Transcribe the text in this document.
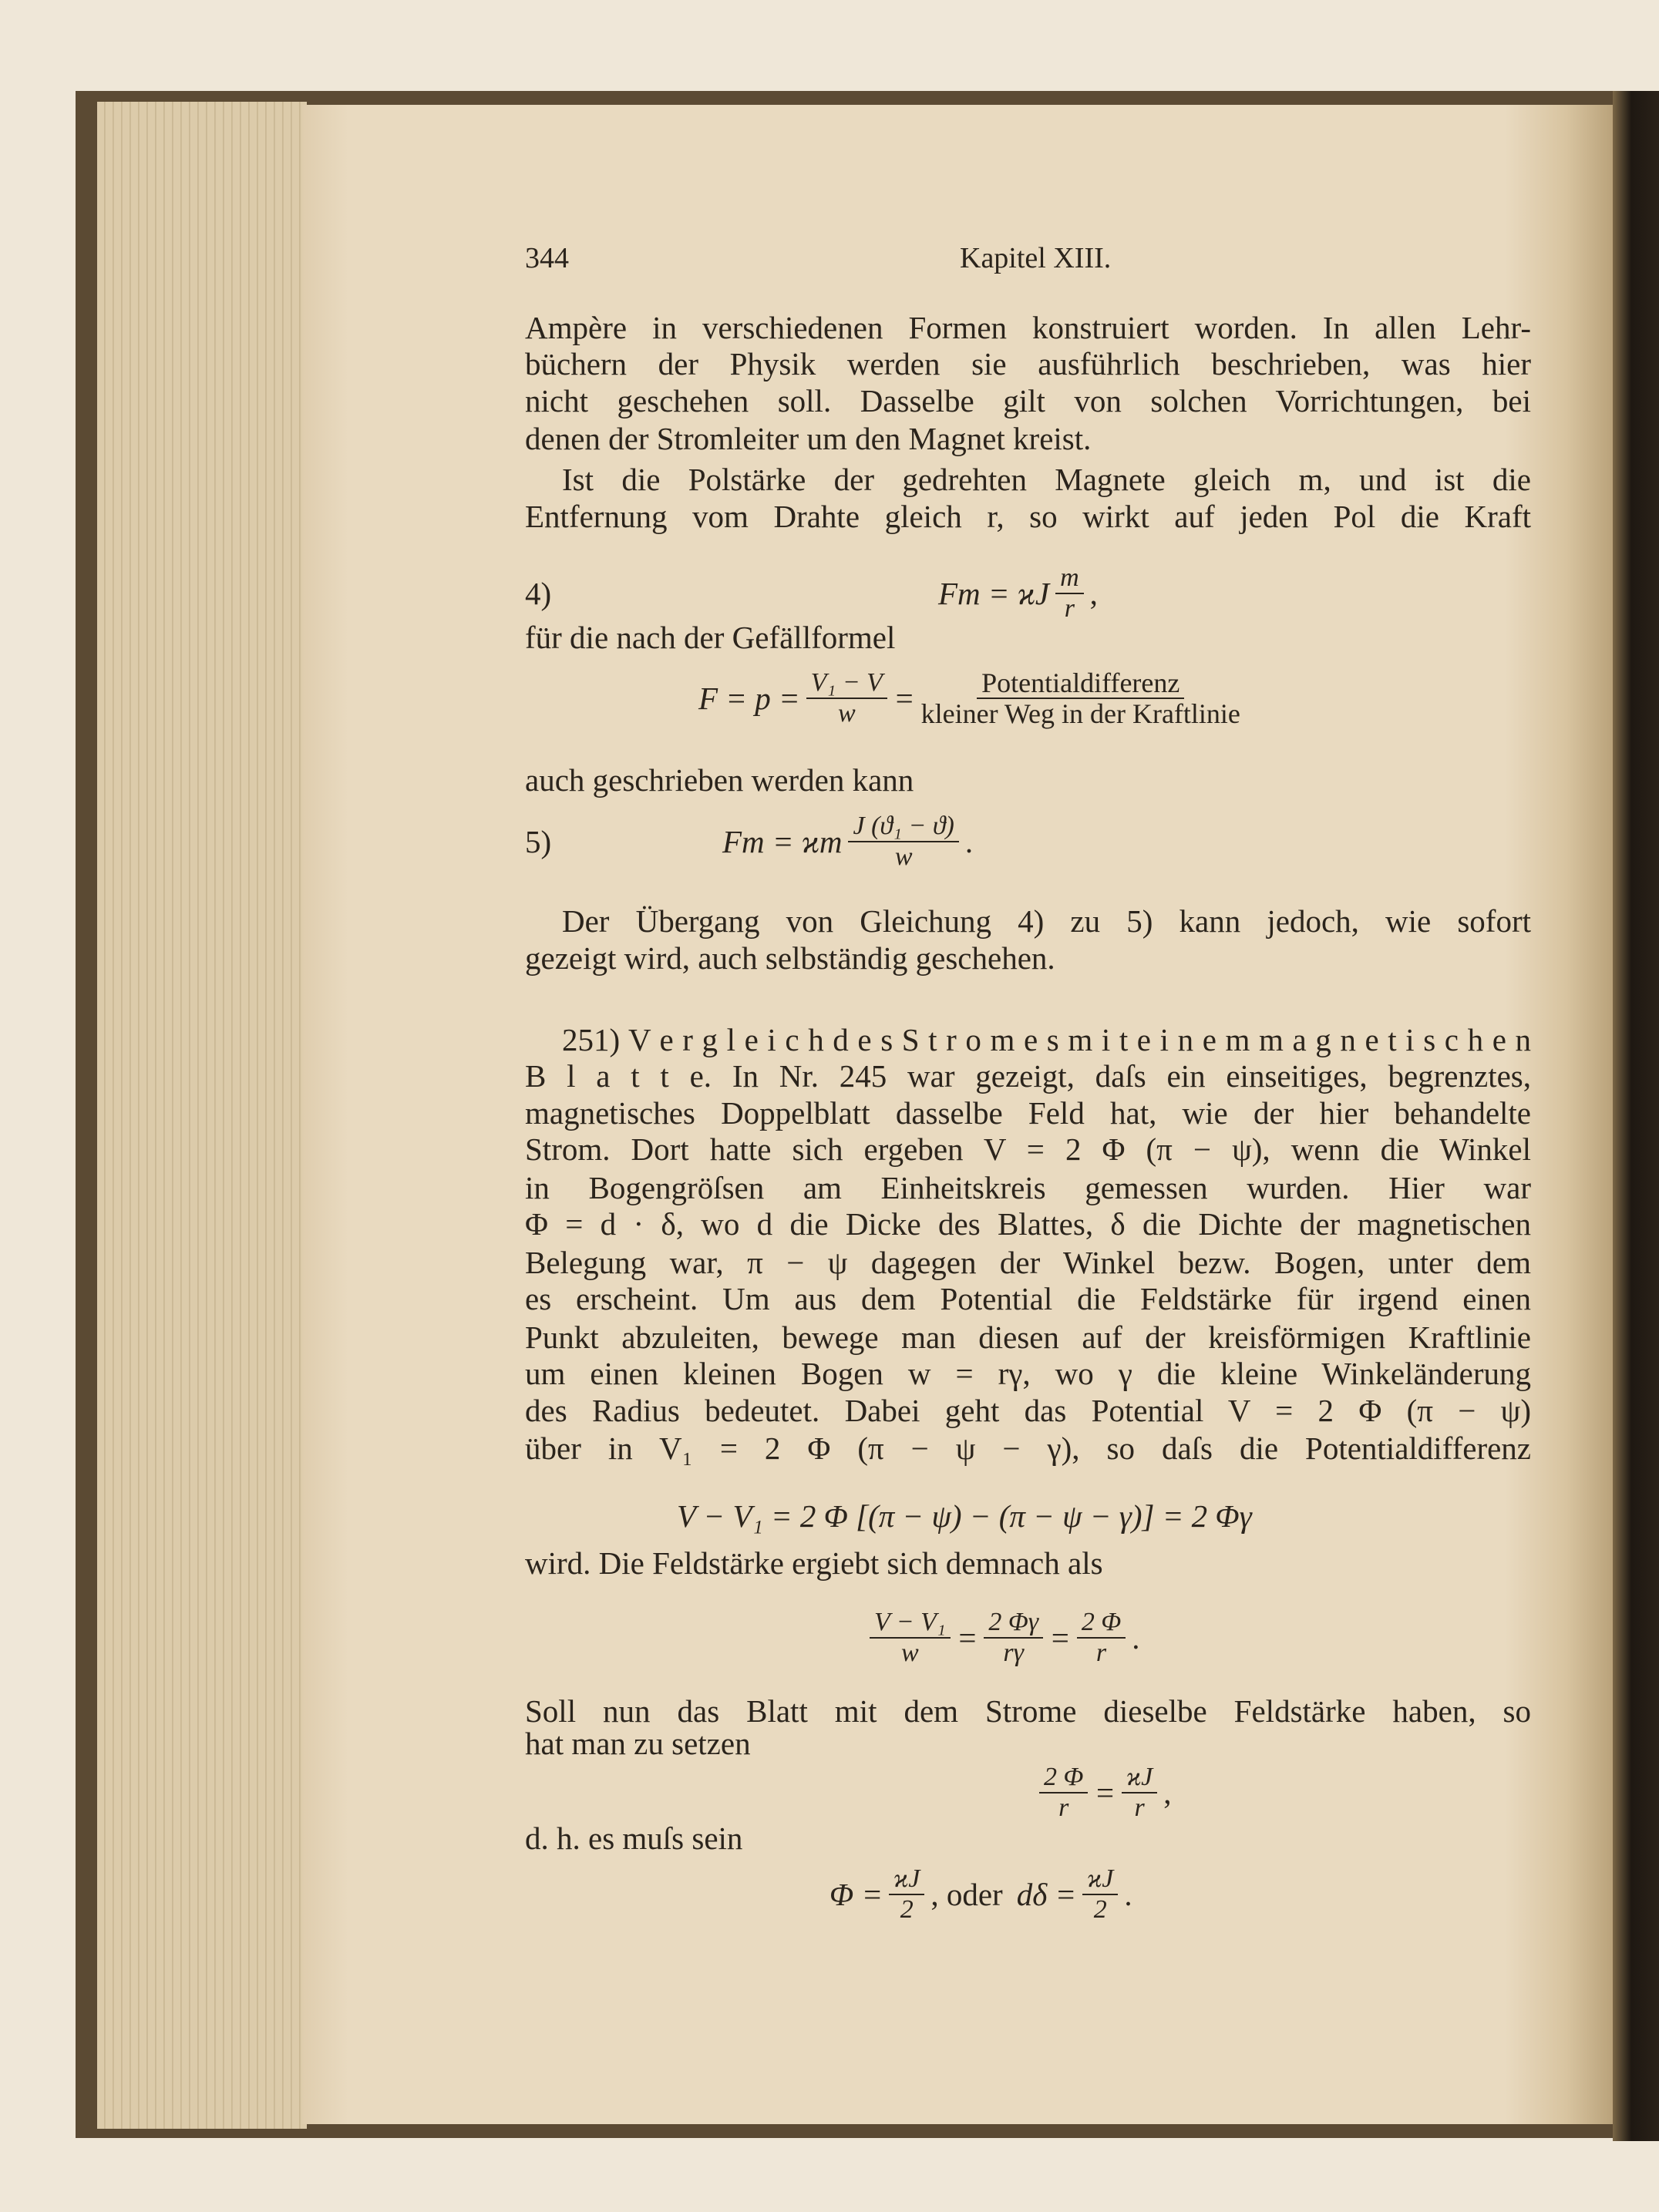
344	Kapitel XIII.
Ampère in verschiedenen Formen konstruiert worden. In allen Lehr-
büchern der Physik werden sie ausführlich beschrieben, was hier
nicht geschehen soll. Dasselbe gilt von solchen Vorrichtungen, bei
denen der Stromleiter um den Magnet kreist.
Ist die Polstärke der gedrehten Magnete gleich m, und ist die
Entfernung vom Drahte gleich r, so wirkt auf jeden Pol die Kraft
4)	Fm = ϰJ $\frac{m}{r}$ ,
für die nach der Gefällformel
$F = p = \frac{\text{V₁ − V}}{w} = \frac{\text{Potentialdifferenz}}{\text{kleiner Weg in der Kraftlinie}}$
auch geschrieben werden kann
5)	Fm = ϰm $\frac{\text{J (ϑ₁ − ϑ)}}{w}$ .
Der Übergang von Gleichung 4) zu 5) kann jedoch, wie sofort
gezeigt wird, auch selbständig geschehen.
251) V e r g l e i c h d e s S t r o m e s m i t e i n e m m a g n e t i s c h e n
B l a t t e. In Nr. 245 war gezeigt, daſs ein einseitiges, begrenztes,
magnetisches Doppelblatt dasselbe Feld hat, wie der hier behandelte
Strom. Dort hatte sich ergeben V = 2 Φ (π − ψ), wenn die Winkel
in Bogengröſsen am Einheitskreis gemessen wurden. Hier war
Φ = d · δ, wo d die Dicke des Blattes, δ die Dichte der magnetischen
Belegung war, π − ψ dagegen der Winkel bezw. Bogen, unter dem
es erscheint. Um aus dem Potential die Feldstärke für irgend einen
Punkt abzuleiten, bewege man diesen auf der kreisförmigen Kraftlinie
um einen kleinen Bogen w = rγ, wo γ die kleine Winkeländerung
des Radius bedeutet. Dabei geht das Potential V = 2 Φ (π − ψ)
über in V₁ = 2 Φ (π − ψ − γ), so daſs die Potentialdifferenz
V − V₁ = 2 Φ [(π − ψ) − (π − ψ − γ)] = 2 Φγ
wird. Die Feldstärke ergiebt sich demnach als
$\frac{\text{V − V₁}}{w} = \frac{2 \Phi\gamma}{r\gamma} = \frac{2 \Phi}{r}$ .
Soll nun das Blatt mit dem Strome dieselbe Feldstärke haben, so
hat man zu setzen
$\frac{2 \Phi}{r} = \frac{ϰJ}{r}$ ,
d. h. es muſs sein
$\Phi = \frac{ϰJ}{2}$ , oder $d\delta = \frac{ϰJ}{2}$ .
